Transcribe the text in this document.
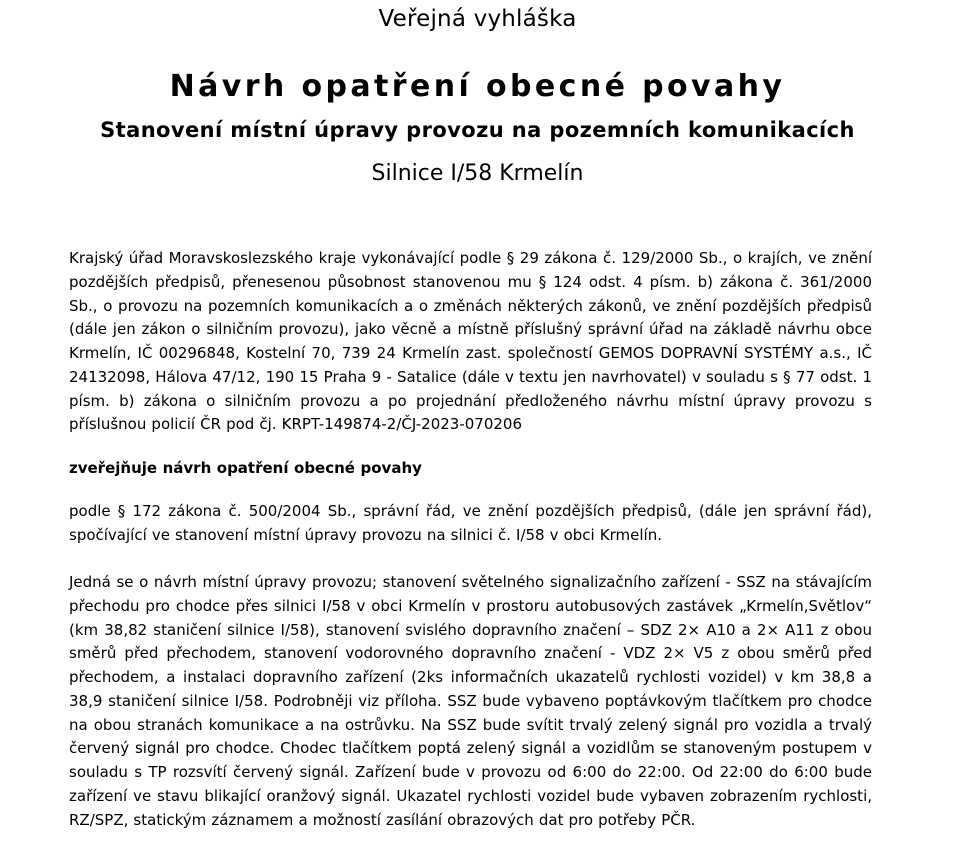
Veřejná vyhláška
Návrh opatření obecné povahy
Stanovení místní úpravy provozu na pozemních komunikacích
Silnice I/58 Krmelín
Krajský úřad Moravskoslezského kraje vykonávající podle § 29 zákona č. 129/2000 Sb., o krajích, ve znění pozdějších předpisů, přenesenou působnost stanovenou mu § 124 odst. 4 písm. b) zákona č. 361/2000 Sb., o provozu na pozemních komunikacích a o změnách některých zákonů, ve znění pozdějších předpisů (dále jen zákon o silničním provozu), jako věcně a místně příslušný správní úřad na základě návrhu obce Krmelín, IČ 00296848, Kostelní 70, 739 24 Krmelín zast. společností GEMOS DOPRAVNÍ SYSTÉMY a.s., IČ 24132098, Hálova 47/12, 190 15 Praha 9 - Satalice (dále v textu jen navrhovatel) v souladu s § 77 odst. 1 písm. b) zákona o silničním provozu a po projednání předloženého návrhu místní úpravy provozu s příslušnou policií ČR pod čj. KRPT-149874-2/ČJ-2023-070206
zveřejňuje návrh opatření obecné povahy
podle § 172 zákona č. 500/2004 Sb., správní řád, ve znění pozdějších předpisů, (dále jen správní řád), spočívající ve stanovení místní úpravy provozu na silnici č. I/58 v obci Krmelín.
Jedná se o návrh místní úpravy provozu; stanovení světelného signalizačního zařízení - SSZ na stávajícím přechodu pro chodce přes silnici I/58 v obci Krmelín v prostoru autobusových zastávek „Krmelín,Světlov“ (km 38,82 staničení silnice I/58), stanovení svislého dopravního značení – SDZ 2× A10 a 2× A11 z obou směrů před přechodem, stanovení vodorovného dopravního značení - VDZ 2× V5 z obou směrů před přechodem, a instalaci dopravního zařízení (2ks informačních ukazatelů rychlosti vozidel) v km 38,8 a 38,9 staničení silnice I/58. Podrobněji viz příloha. SSZ bude vybaveno poptávkovým tlačítkem pro chodce na obou stranách komunikace a na ostrůvku. Na SSZ bude svítit trvalý zelený signál pro vozidla a trvalý červený signál pro chodce. Chodec tlačítkem poptá zelený signál a vozidlům se stanoveným postupem v souladu s TP rozsvítí červený signál. Zařízení bude v provozu od 6:00 do 22:00. Od 22:00 do 6:00 bude zařízení ve stavu blikající oranžový signál. Ukazatel rychlosti vozidel bude vybaven zobrazením rychlosti, RZ/SPZ, statickým záznamem a možností zasílání obrazových dat pro potřeby PČR.
